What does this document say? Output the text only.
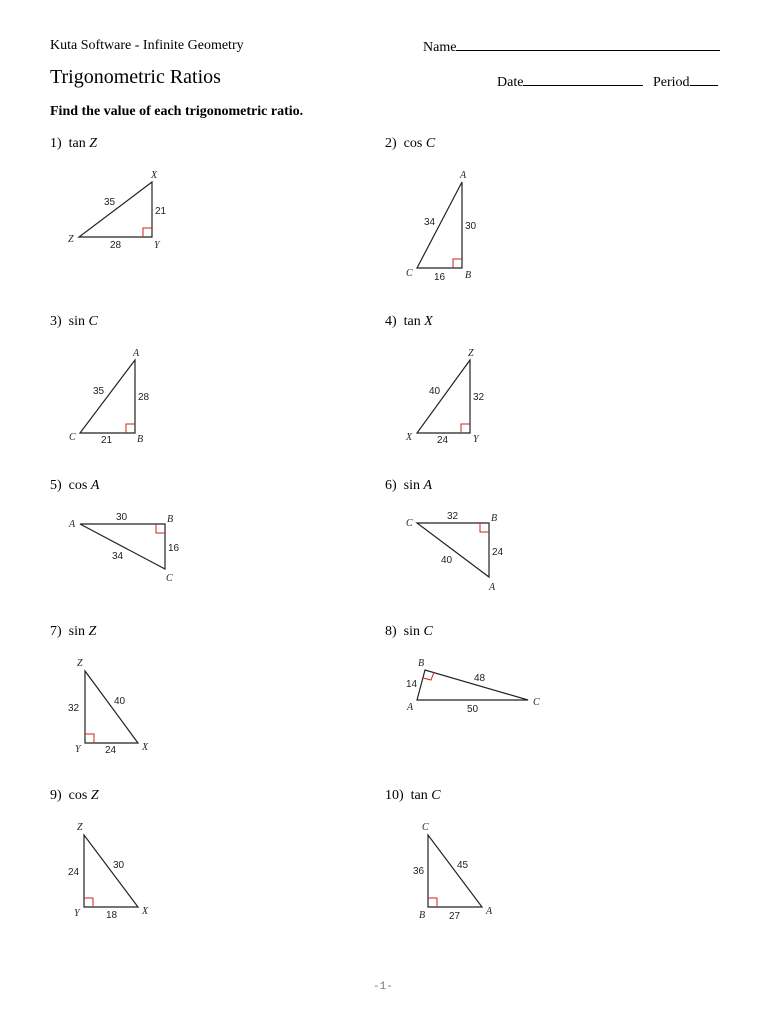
Kuta Software - Infinite Geometry	Name
Trigonometric Ratios	Date	Period
Find the value of each trigonometric ratio.
1) tan Z
Z
Y
X
35
21
28
2) cos C
C	B
A
34	30
16
3) sin C
C	B
A
35
28
21
4) tan X
X	Y
Z
40
32
24
5) cos A
A	B
C
30
16
34
6) sin A
C	B
A
32
24
40
7) sin Z
Z
Y	X
32
40
24
8) sin C
B
A	C
14
48
50
9) cos Z
Z
Y	X
24
30
18
10) tan C
C
B	A
36
45
27
-1-
